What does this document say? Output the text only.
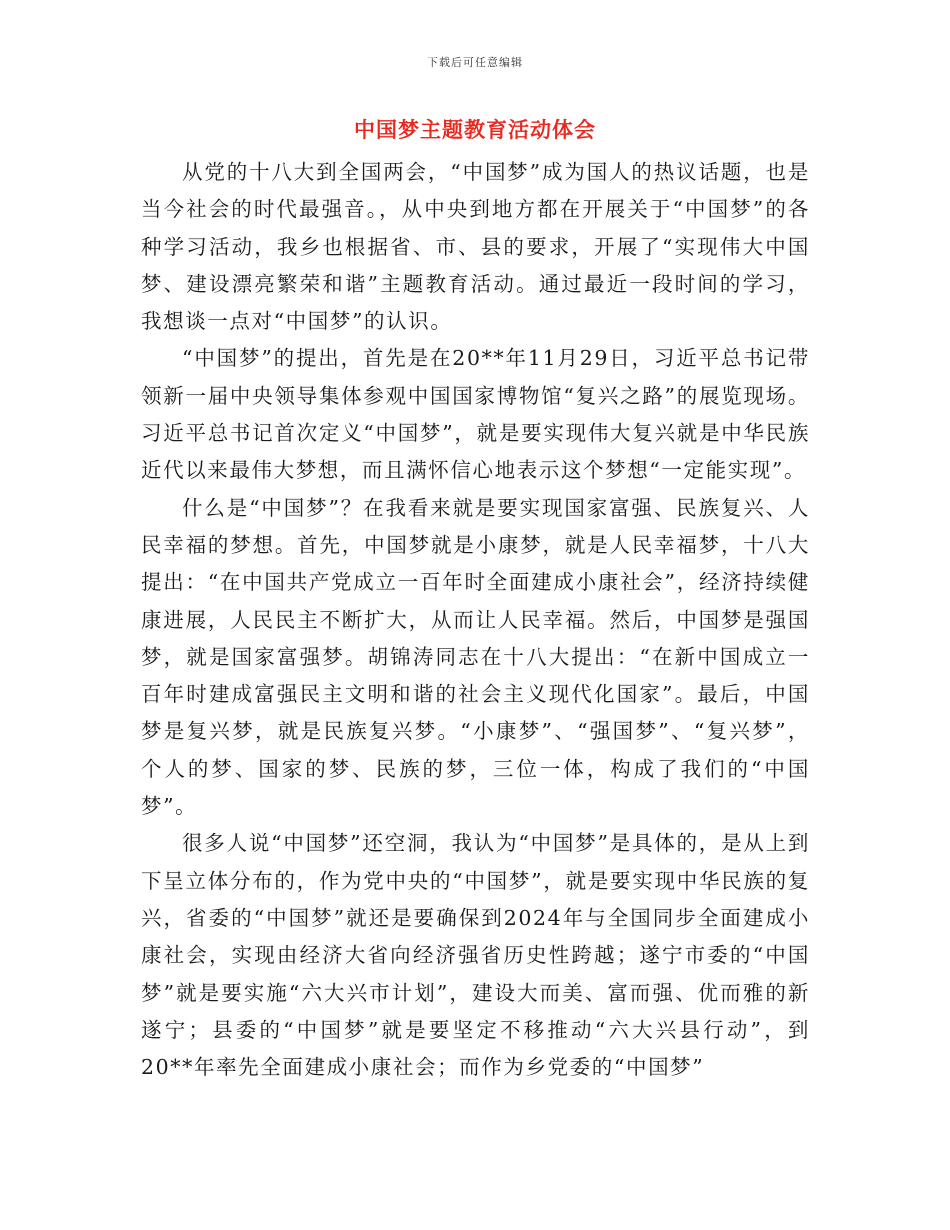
下载后可任意编辑
中国梦主题教育活动体会

从党的十八大到全国两会，“中国梦”成为国人的热议话题，也是当今社会的时代最强音。，从中央到地方都在开展关于“中国梦”的各种学习活动，我乡也根据省、市、县的要求，开展了“实现伟大中国梦、建设漂亮繁荣和谐”主题教育活动。通过最近一段时间的学习，我想谈一点对“中国梦”的认识。

“中国梦”的提出，首先是在20**年11月29日，习近平总书记带领新一届中央领导集体参观中国国家博物馆“复兴之路”的展览现场。习近平总书记首次定义“中国梦”，就是要实现伟大复兴就是中华民族近代以来最伟大梦想，而且满怀信心地表示这个梦想“一定能实现”。

什么是“中国梦”？在我看来就是要实现国家富强、民族复兴、人民幸福的梦想。首先，中国梦就是小康梦，就是人民幸福梦，十八大提出：“在中国共产党成立一百年时全面建成小康社会”，经济持续健康进展，人民民主不断扩大，从而让人民幸福。然后，中国梦是强国梦，就是国家富强梦。胡锦涛同志在十八大提出：“在新中国成立一百年时建成富强民主文明和谐的社会主义现代化国家”。最后，中国梦是复兴梦，就是民族复兴梦。“小康梦”、“强国梦”、“复兴梦”，个人的梦、国家的梦、民族的梦，三位一体，构成了我们的“中国梦”。

很多人说“中国梦”还空洞，我认为“中国梦”是具体的，是从上到下呈立体分布的，作为党中央的“中国梦”，就是要实现中华民族的复兴，省委的“中国梦”就还是要确保到2024年与全国同步全面建成小康社会，实现由经济大省向经济强省历史性跨越；遂宁市委的“中国梦”就是要实施“六大兴市计划”，建设大而美、富而强、优而雅的新遂宁；县委的“中国梦”就是要坚定不移推动“六大兴县行动”，到20**年率先全面建成小康社会；而作为乡党委的“中国梦”
